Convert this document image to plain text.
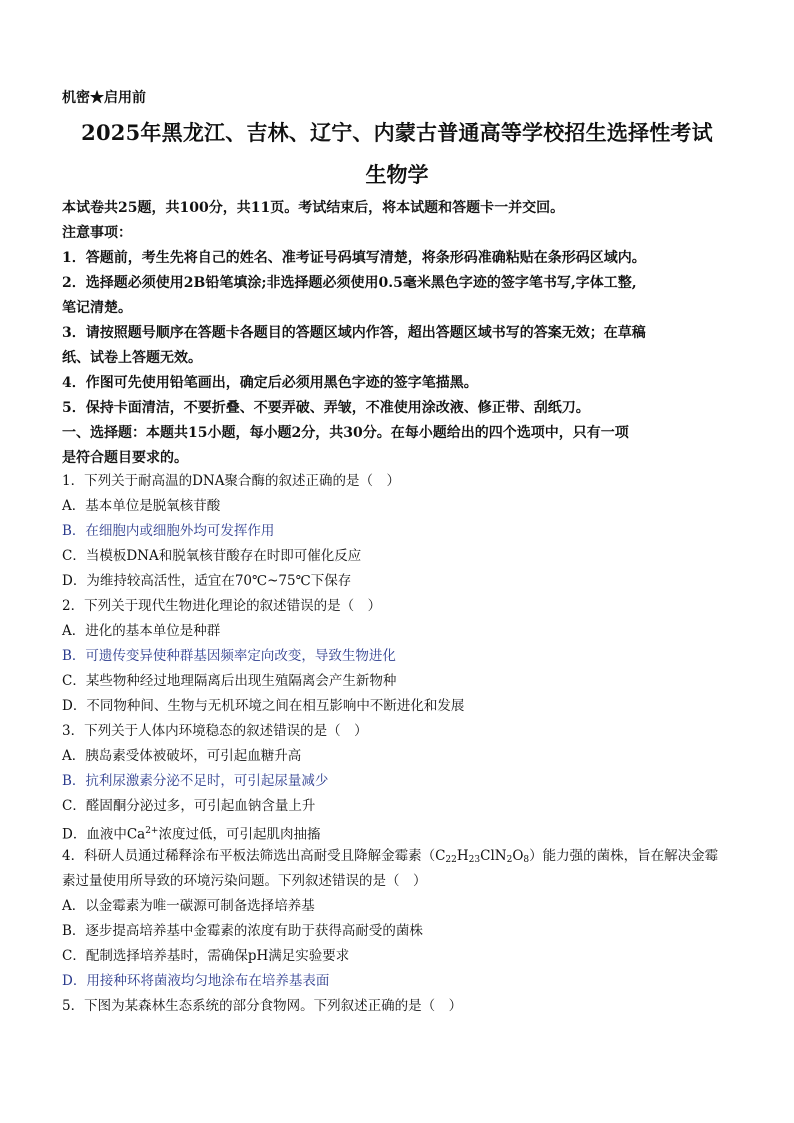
机密★启用前
2025年黑龙江、吉林、辽宁、内蒙古普通高等学校招生选择性考试
生物学
本试卷共25题，共100分，共11页。考试结束后，将本试题和答题卡一并交回。
注意事项：
1．答题前，考生先将自己的姓名、准考证号码填写清楚，将条形码准确粘贴在条形码区域内。
2．选择题必须使用2B铅笔填涂;非选择题必须使用0.5毫米黑色字迹的签字笔书写,字体工整,
笔记清楚。
3．请按照题号顺序在答题卡各题目的答题区域内作答，超出答题区域书写的答案无效；在草稿
纸、试卷上答题无效。
4．作图可先使用铅笔画出，确定后必须用黑色字迹的签字笔描黑。
5．保持卡面清洁，不要折叠、不要弄破、弄皱，不准使用涂改液、修正带、刮纸刀。
一、选择题：本题共15小题，每小题2分，共30分。在每小题给出的四个选项中，只有一项
是符合题目要求的。
1．下列关于耐高温的DNA聚合酶的叙述正确的是（　）
A．基本单位是脱氧核苷酸
B．在细胞内或细胞外均可发挥作用
C．当模板DNA和脱氧核苷酸存在时即可催化反应
D．为维持较高活性，适宜在70℃~75℃下保存
2．下列关于现代生物进化理论的叙述错误的是（　）
A．进化的基本单位是种群
B．可遗传变异使种群基因频率定向改变，导致生物进化
C．某些物种经过地理隔离后出现生殖隔离会产生新物种
D．不同物种间、生物与无机环境之间在相互影响中不断进化和发展
3．下列关于人体内环境稳态的叙述错误的是（　）
A．胰岛素受体被破坏，可引起血糖升高
B．抗利尿激素分泌不足时，可引起尿量减少
C．醛固酮分泌过多，可引起血钠含量上升
D．血液中$Ca^{2+}$浓度过低，可引起肌肉抽搐
4．科研人员通过稀释涂布平板法筛选出高耐受且降解金霉素$(C_{22}H_{23}ClN_2O_8)$能力强的菌株，旨在解决金霉
素过量使用所导致的环境污染问题。下列叙述错误的是（　）
A．以金霉素为唯一碳源可制备选择培养基
B．逐步提高培养基中金霉素的浓度有助于获得高耐受的菌株
C．配制选择培养基时，需确保pH满足实验要求
D．用接种环将菌液均匀地涂布在培养基表面
5．下图为某森林生态系统的部分食物网。下列叙述正确的是（　）
